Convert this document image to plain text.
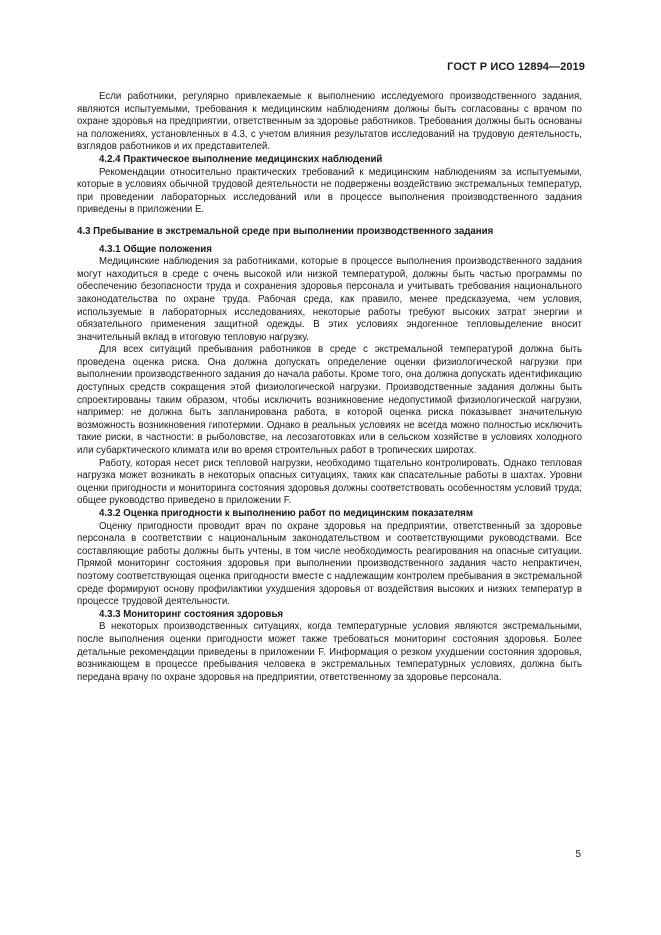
ГОСТ Р ИСО 12894—2019

Если работники, регулярно привлекаемые к выполнению исследуемого производственного задания, являются испытуемыми, требования к медицинским наблюдениям должны быть согласованы с врачом по охране здоровья на предприятии, ответственным за здоровье работников. Требования должны быть основаны на положениях, установленных в 4.3, с учетом влияния результатов исследований на трудовую деятельность, взглядов работников и их представителей.

4.2.4 Практическое выполнение медицинских наблюдений

Рекомендации относительно практических требований к медицинским наблюдениям за испытуемыми, которые в условиях обычной трудовой деятельности не подвержены воздействию экстремальных температур, при проведении лабораторных исследований или в процессе выполнения производственного задания приведены в приложении Е.

4.3 Пребывание в экстремальной среде при выполнении производственного задания
4.3.1 Общие положения

Медицинские наблюдения за работниками, которые в процессе выполнения производственного задания могут находиться в среде с очень высокой или низкой температурой, должны быть частью программы по обеспечению безопасности труда и сохранения здоровья персонала и учитывать требования национального законодательства по охране труда. Рабочая среда, как правило, менее предсказуема, чем условия, используемые в лабораторных исследованиях, некоторые работы требуют высоких затрат энергии и обязательного применения защитной одежды. В этих условиях эндогенное тепловыделение вносит значительный вклад в итоговую тепловую нагрузку.

Для всех ситуаций пребывания работников в среде с экстремальной температурой должна быть проведена оценка риска. Она должна допускать определение оценки физиологической нагрузки при выполнении производственного задания до начала работы. Кроме того, она должна допускать идентификацию доступных средств сокращения этой физиологической нагрузки. Производственные задания должны быть спроектированы таким образом, чтобы исключить возникновение недопустимой физиологической нагрузки, например: не должна быть запланирована работа, в которой оценка риска показывает значительную возможность возникновения гипотермии. Однако в реальных условиях не всегда можно полностью исключить такие риски, в частности: в рыболовстве, на лесозаготовках или в сельском хозяйстве в условиях холодного или субарктического климата или во время строительных работ в тропических широтах.

Работу, которая несет риск тепловой нагрузки, необходимо тщательно контролировать. Однако тепловая нагрузка может возникать в некоторых опасных ситуациях, таких как спасательные работы в шахтах. Уровни оценки пригодности и мониторинга состояния здоровья должны соответствовать особенностям условий труда; общее руководство приведено в приложении F.

4.3.2 Оценка пригодности к выполнению работ по медицинским показателям

Оценку пригодности проводит врач по охране здоровья на предприятии, ответственный за здоровье персонала в соответствии с национальным законодательством и соответствующими руководствами. Все составляющие работы должны быть учтены, в том числе необходимость реагирования на опасные ситуации. Прямой мониторинг состояния здоровья при выполнении производственного задания часто непрактичен, поэтому соответствующая оценка пригодности вместе с надлежащим контролем пребывания в экстремальной среде формируют основу профилактики ухудшения здоровья от воздействия высоких и низких температур в процессе трудовой деятельности.

4.3.3 Мониторинг состояния здоровья

В некоторых производственных ситуациях, когда температурные условия являются экстремальными, после выполнения оценки пригодности может также требоваться мониторинг состояния здоровья. Более детальные рекомендации приведены в приложении F. Информация о резком ухудшении состояния здоровья, возникающем в процессе пребывания человека в экстремальных температурных условиях, должна быть передана врачу по охране здоровья на предприятии, ответственному за здоровье персонала.

5
